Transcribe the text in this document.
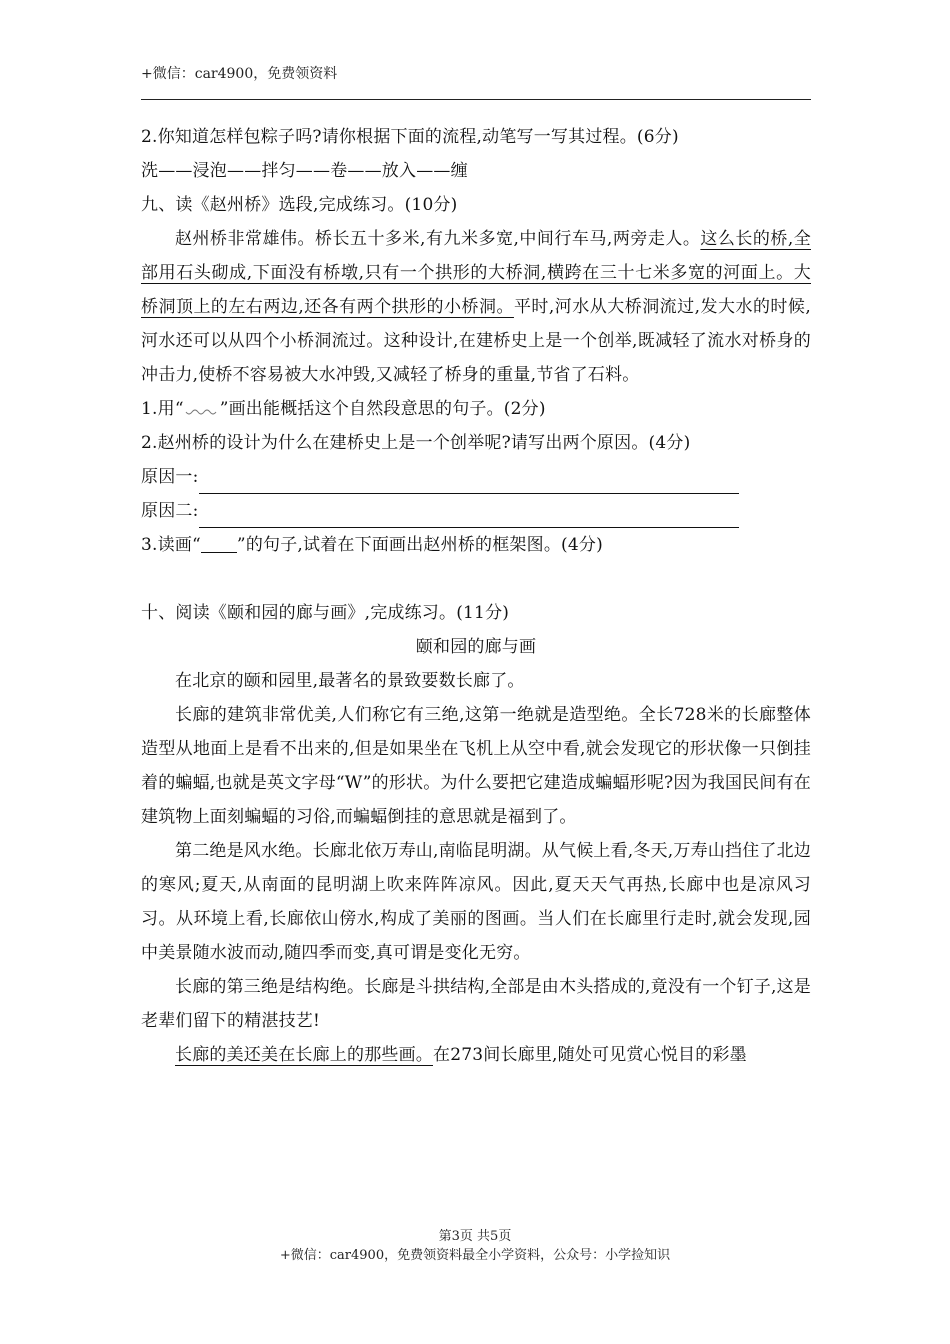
+微信：car4900，免费领资料

2.你知道怎样包粽子吗?请你根据下面的流程,动笔写一写其过程。(6分)

洗——浸泡——拌匀——卷——放入——缠

九、读《赵州桥》选段,完成练习。(10分)

赵州桥非常雄伟。桥长五十多米,有九米多宽,中间行车马,两旁走人。这么长的桥,全部用石头砌成,下面没有桥墩,只有一个拱形的大桥洞,横跨在三十七米多宽的河面上。大桥洞顶上的左右两边,还各有两个拱形的小桥洞。平时,河水从大桥洞流过,发大水的时候,河水还可以从四个小桥洞流过。这种设计,在建桥史上是一个创举,既减轻了流水对桥身的冲击力,使桥不容易被大水冲毁,又减轻了桥身的重量,节省了石料。

1.用“ ”画出能概括这个自然段意思的句子。(2分)

2.赵州桥的设计为什么在建桥史上是一个创举呢?请写出两个原因。(4分)

原因一:

原因二:

3.读画“ ”的句子,试着在下面画出赵州桥的框架图。(4分)

十、阅读《颐和园的廊与画》,完成练习。(11分)

颐和园的廊与画

在北京的颐和园里,最著名的景致要数长廊了。

长廊的建筑非常优美,人们称它有三绝,这第一绝就是造型绝。全长728米的长廊整体造型从地面上是看不出来的,但是如果坐在飞机上从空中看,就会发现它的形状像一只倒挂着的蝙蝠,也就是英文字母“W”的形状。为什么要把它建造成蝙蝠形呢?因为我国民间有在建筑物上面刻蝙蝠的习俗,而蝙蝠倒挂的意思就是福到了。

第二绝是风水绝。长廊北依万寿山,南临昆明湖。从气候上看,冬天,万寿山挡住了北边的寒风;夏天,从南面的昆明湖上吹来阵阵凉风。因此,夏天天气再热,长廊中也是凉风习习。从环境上看,长廊依山傍水,构成了美丽的图画。当人们在长廊里行走时,就会发现,园中美景随水波而动,随四季而变,真可谓是变化无穷。

长廊的第三绝是结构绝。长廊是斗拱结构,全部是由木头搭成的,竟没有一个钉子,这是老辈们留下的精湛技艺!

长廊的美还美在长廊上的那些画。在273间长廊里,随处可见赏心悦目的彩墨

第3页 共5页
+微信：car4900，免费领资料最全小学资料，公众号：小学捡知识
